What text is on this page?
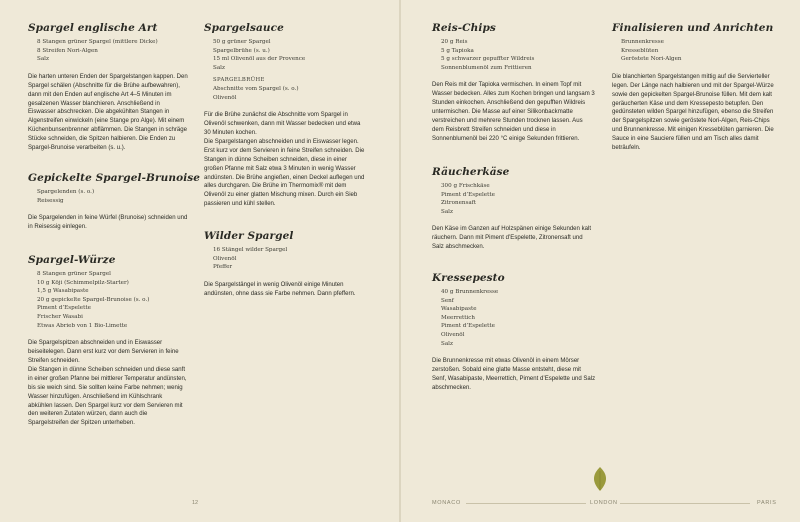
Spargel englische Art
8 Stangen grüner Spargel (mittlere Dicke)
8 Streifen Nori-Algen
Salz

Die harten unteren Enden der Spargelstangen kappen. Den Spargel schälen (Abschnitte für die Brühe aufbewahren), dann mit den Enden auf englische Art 4–5 Minuten im gesalzenen Wasser blanchieren. Anschließend in Eiswasser abschrecken. Die abgekühlten Stangen in Algenstreifen einwickeln (eine Stange pro Alge). Mit einem Küchenbunsenbrenner abflämmen. Die Stangen in schräge Stücke schneiden, die Spitzen halbieren. Die Enden zu Spargel-Brunoise verarbeiten (s. u.).

Gepickelte Spargel-Brunoise
Spargelenden (s. o.)
Reisessig

Die Spargelenden in feine Würfel (Brunoise) schneiden und in Reisessig einlegen.

Spargel-Würze
8 Stangen grüner Spargel
10 g Kōji (Schimmelpilz-Starter)
1,5 g Wasabipaste
20 g gepickelte Spargel-Brunoise (s. o.)
Piment d’Espelette
Frischer Wasabi
Etwas Abrieb von 1 Bio-Limette

Die Spargelspitzen abschneiden und in Eiswasser beiseitelegen. Dann erst kurz vor dem Servieren in feine Streifen schneiden.

Die Stangen in dünne Scheiben schneiden und diese sanft in einer großen Pfanne bei mittlerer Temperatur andünsten, bis sie weich sind. Sie sollten keine Farbe nehmen; wenig Wasser hinzufügen. Anschließend im Kühlschrank abkühlen lassen. Den Spargel kurz vor dem Servieren mit den weiteren Zutaten würzen, dann auch die Spargelstreifen der Spitzen unterheben.

Spargelsauce
50 g grüner Spargel
Spargelbrühe (s. u.)
15 ml Olivenöl aus der Provence
Salz
SPARGELBRÜHE
Abschnitte vom Spargel (s. o.)
Olivenöl

Für die Brühe zunächst die Abschnitte vom Spargel in Olivenöl schwenken, dann mit Wasser bedecken und etwa 30 Minuten kochen.

Die Spargelstangen abschneiden und in Eiswasser legen. Erst kurz vor dem Servieren in feine Streifen schneiden. Die Stangen in dünne Scheiben schneiden, diese in einer großen Pfanne mit Salz etwa 3 Minuten in wenig Wasser andünsten. Die Brühe angießen, einen Deckel auflegen und alles durchgaren. Die Brühe im Thermomix® mit dem Olivenöl zu einer glatten Mischung mixen. Durch ein Sieb passieren und kühl stellen.

Wilder Spargel
16 Stängel wilder Spargel
Olivenöl
Pfeffer

Die Spargelstängel in wenig Olivenöl einige Minuten andünsten, ohne dass sie Farbe nehmen. Dann pfeffern.

Reis-Chips
20 g Reis
5 g Tapioka
5 g schwarzer gepuffter Wildreis
Sonnenblumenöl zum Frittieren

Den Reis mit der Tapioka vermischen. In einem Topf mit Wasser bedecken. Alles zum Kochen bringen und langsam 3 Stunden einkochen. Anschließend den gepufften Wildreis untermischen. Die Masse auf einer Silikonbackmatte verstreichen und mehrere Stunden trocknen lassen. Aus dem Reisbrett Streifen schneiden und diese in Sonnenblumenöl bei 220 °C einige Sekunden frittieren.

Räucherkäse
300 g Frischkäse
Piment d’Espelette
Zitronensaft
Salz

Den Käse im Ganzen auf Holzspänen einige Sekunden kalt räuchern. Dann mit Piment d’Espelette, Zitronensaft und Salz abschmecken.

Kressepesto
40 g Brunnenkresse
Senf
Wasabipaste
Meerrettich
Piment d’Espelette
Olivenöl
Salz

Die Brunnenkresse mit etwas Olivenöl in einem Mörser zerstoßen. Sobald eine glatte Masse entsteht, diese mit Senf, Wasabipaste, Meerrettich, Piment d’Espelette und Salz abschmecken.

Finalisieren und Anrichten
Brunnenkresse
Kresseblüten
Geröstete Nori-Algen

Die blanchierten Spargelstangen mittig auf die Servierteller legen. Der Länge nach halbieren und mit der Spargel-Würze sowie den gepickelten Spargel-Brunoise füllen. Mit dem kalt geräucherten Käse und dem Kressepesto betupfen. Den gedünsteten wilden Spargel hinzufügen, ebenso die Streifen der Spargelspitzen sowie geröstete Nori-Algen, Reis-Chips und Brunnenkresse. Mit einigen Kresseblüten garnieren. Die Sauce in eine Sauciere füllen und am Tisch alles damit beträufeln.

12	MONACO	LONDON	PARIS
